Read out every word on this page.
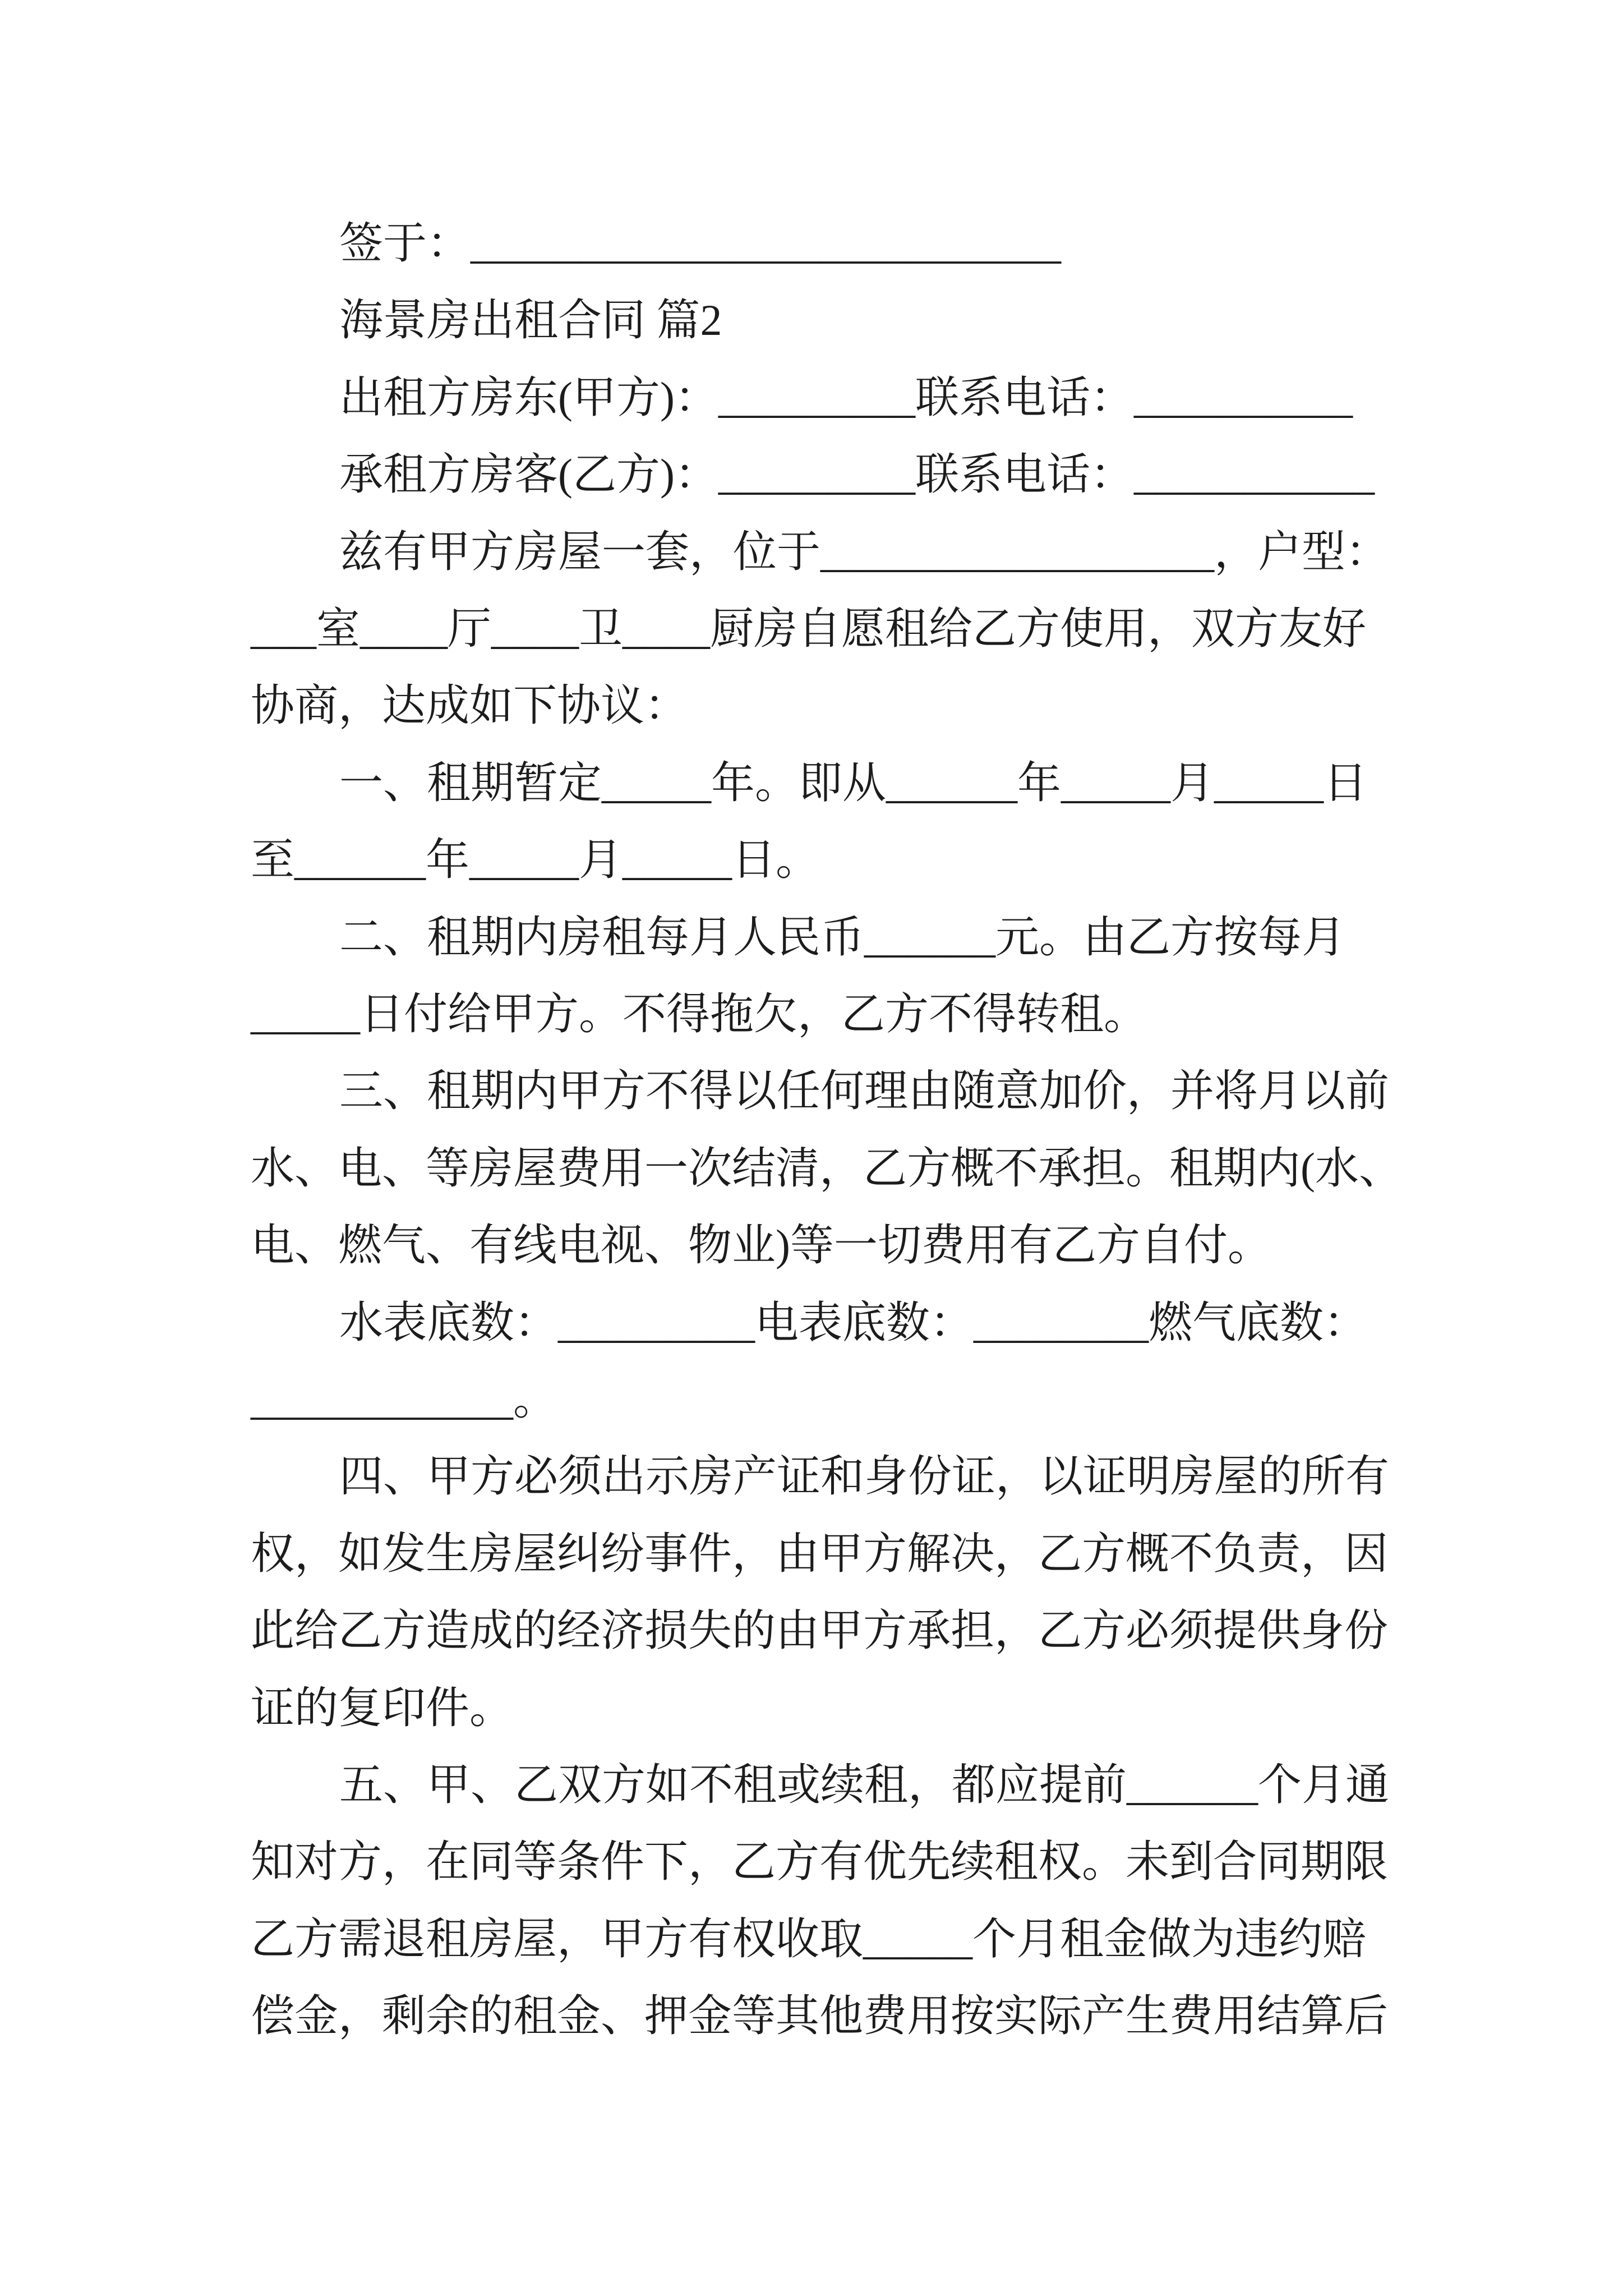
签于：___________________________
海景房出租合同 篇2
出租方房东(甲方)：_________联系电话：__________
承租方房客(乙方)：_________联系电话：___________
兹有甲方房屋一套，位于__________________，户型：
___室____厅____卫____厨房自愿租给乙方使用，双方友好
协商，达成如下协议：
一、租期暂定_____年。即从______年_____月_____日
至______年_____月_____日。
二、租期内房租每月人民币______元。由乙方按每月
_____日付给甲方。不得拖欠，乙方不得转租。
三、租期内甲方不得以任何理由随意加价，并将月以前
水、电、等房屋费用一次结清，乙方概不承担。租期内(水、
电、燃气、有线电视、物业)等一切费用有乙方自付。
水表底数：_________电表底数：________燃气底数：
____________。
四、甲方必须出示房产证和身份证，以证明房屋的所有
权，如发生房屋纠纷事件，由甲方解决，乙方概不负责，因
此给乙方造成的经济损失的由甲方承担，乙方必须提供身份
证的复印件。
五、甲、乙双方如不租或续租，都应提前______个月通
知对方，在同等条件下，乙方有优先续租权。未到合同期限
乙方需退租房屋，甲方有权收取_____个月租金做为违约赔
偿金，剩余的租金、押金等其他费用按实际产生费用结算后
